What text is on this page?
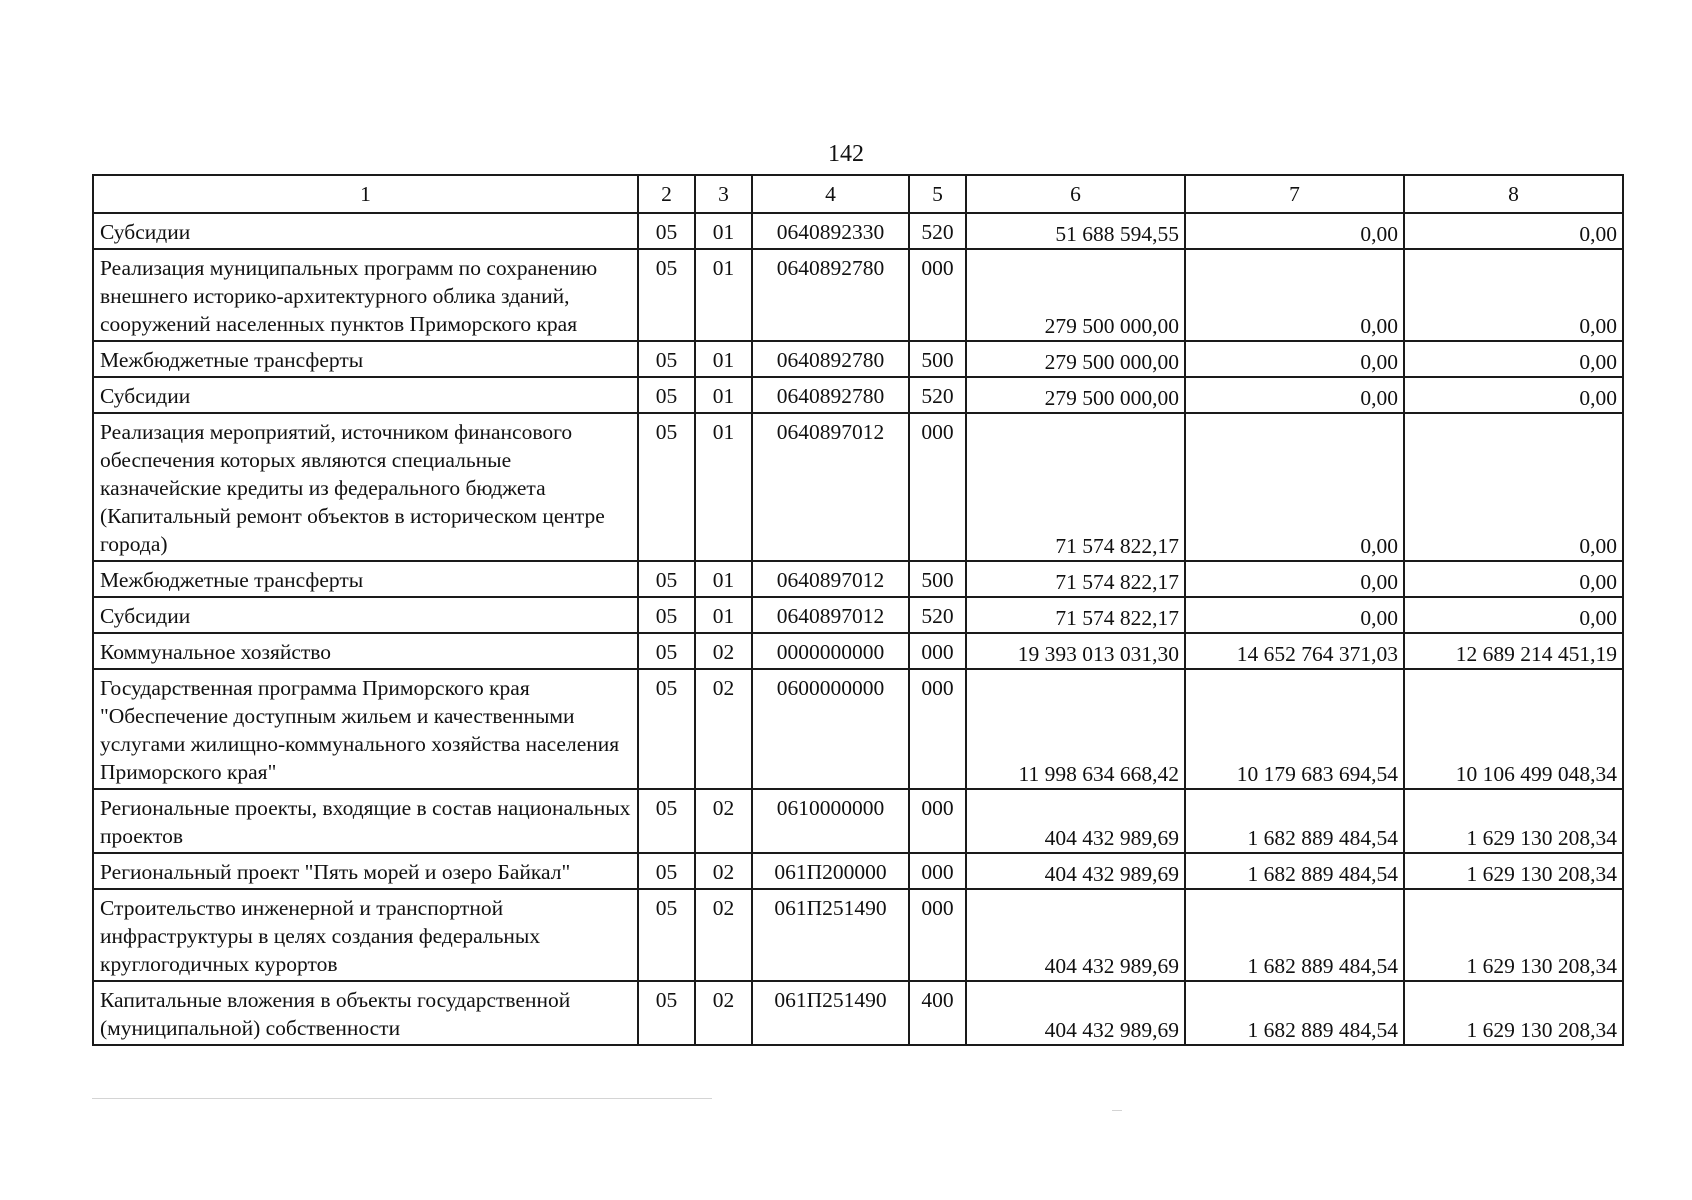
142
1	2	3	4	5	6	7	8
Субсидии	05	01	0640892330	520	51 688 594,55	0,00	0,00
Реализация муниципальных программ по сохранению внешнего историко-архитектурного облика зданий, сооружений населенных пунктов Приморского края	05	01	0640892780	000	279 500 000,00	0,00	0,00
Межбюджетные трансферты	05	01	0640892780	500	279 500 000,00	0,00	0,00
Субсидии	05	01	0640892780	520	279 500 000,00	0,00	0,00
Реализация мероприятий, источником финансового обеспечения которых являются специальные казначейские кредиты из федерального бюджета (Капитальный ремонт объектов в историческом центре города)	05	01	0640897012	000	71 574 822,17	0,00	0,00
Межбюджетные трансферты	05	01	0640897012	500	71 574 822,17	0,00	0,00
Субсидии	05	01	0640897012	520	71 574 822,17	0,00	0,00
Коммунальное хозяйство	05	02	0000000000	000	19 393 013 031,30	14 652 764 371,03	12 689 214 451,19
Государственная программа Приморского края "Обеспечение доступным жильем и качественными услугами жилищно-коммунального хозяйства населения Приморского края"	05	02	0600000000	000	11 998 634 668,42	10 179 683 694,54	10 106 499 048,34
Региональные проекты, входящие в состав национальных проектов	05	02	0610000000	000	404 432 989,69	1 682 889 484,54	1 629 130 208,34
Региональный проект "Пять морей и озеро Байкал"	05	02	061П200000	000	404 432 989,69	1 682 889 484,54	1 629 130 208,34
Строительство инженерной и транспортной инфраструктуры в целях создания федеральных круглогодичных курортов	05	02	061П251490	000	404 432 989,69	1 682 889 484,54	1 629 130 208,34
Капитальные вложения в объекты государственной (муниципальной) собственности	05	02	061П251490	400	404 432 989,69	1 682 889 484,54	1 629 130 208,34
